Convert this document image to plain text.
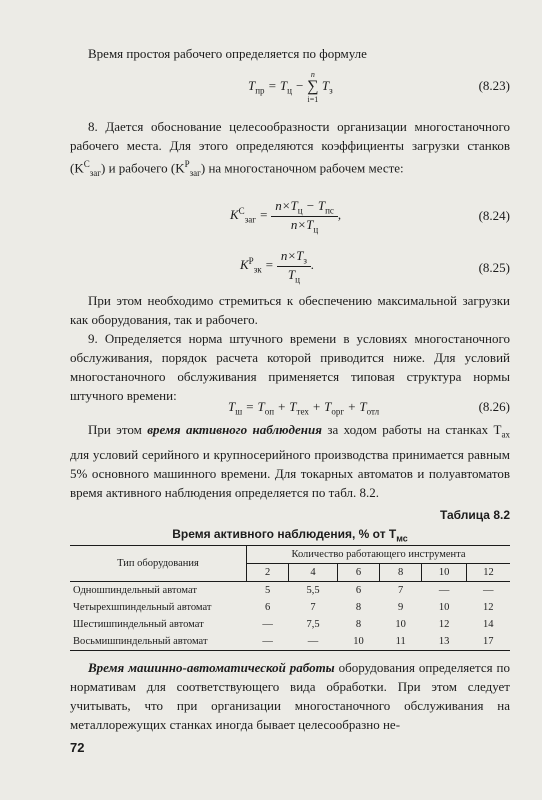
Время простоя рабочего определяется по формуле
$T_{пр} = T_ц$ −
n
∑
i=1
$T_з$	(8.23)
8. Дается обоснование целесообразности организации многостаночного рабочего места. Для этого определяются коэффициенты загрузки станков $(K^C_{заг})$ и рабочего $(K^P_{заг})$ на многостаночном рабочем месте:
$K^C_{заг} = \frac{n\times T_ц - T_{пс}}{n\times T_ц}$ ,	(8.24)
$K^P_{зк} = \frac{n\times T_з}{T_ц}$ .	(8.25)
При этом необходимо стремиться к обеспечению максимальной загрузки как оборудования, так и рабочего.
9. Определяется норма штучного времени в условиях многостаночного обслуживания, порядок расчета которой приводится ниже. Для условий многостаночного обслуживания применяется типовая структура нормы штучного времени:
$T_ш = T_{оп} + T_{тех} + T_{орг} + T_{отл}$	(8.26)
При этом время активного наблюдения за ходом работы на станках $T_{ах}$ для условий серийного и крупносерийного производства принимается равным 5% основного машинного времени. Для токарных автоматов и полуавтоматов время активного наблюдения определяется по табл. 8.2.
Таблица 8.2
Время активного наблюдения, % от $T_{мс}$
Тип оборудования	Количество работающего инструмента					
	2	4	6	8	10	12
Одношпиндельный автомат	5	5,5	6	7	—	—
Четырехшпиндельный автомат	6	7	8	9	10	12
Шестишпиндельный автомат	—	7,5	8	10	12	14
Восьмишпиндельный автомат	—	—	10	11	13	17
Время машинно-автоматической работы оборудования определяется по нормативам для соответствующего вида обработки. При этом следует учитывать, что при организации многостаночного обслуживания на металлорежущих станках иногда бывает целесообразно не-
72
